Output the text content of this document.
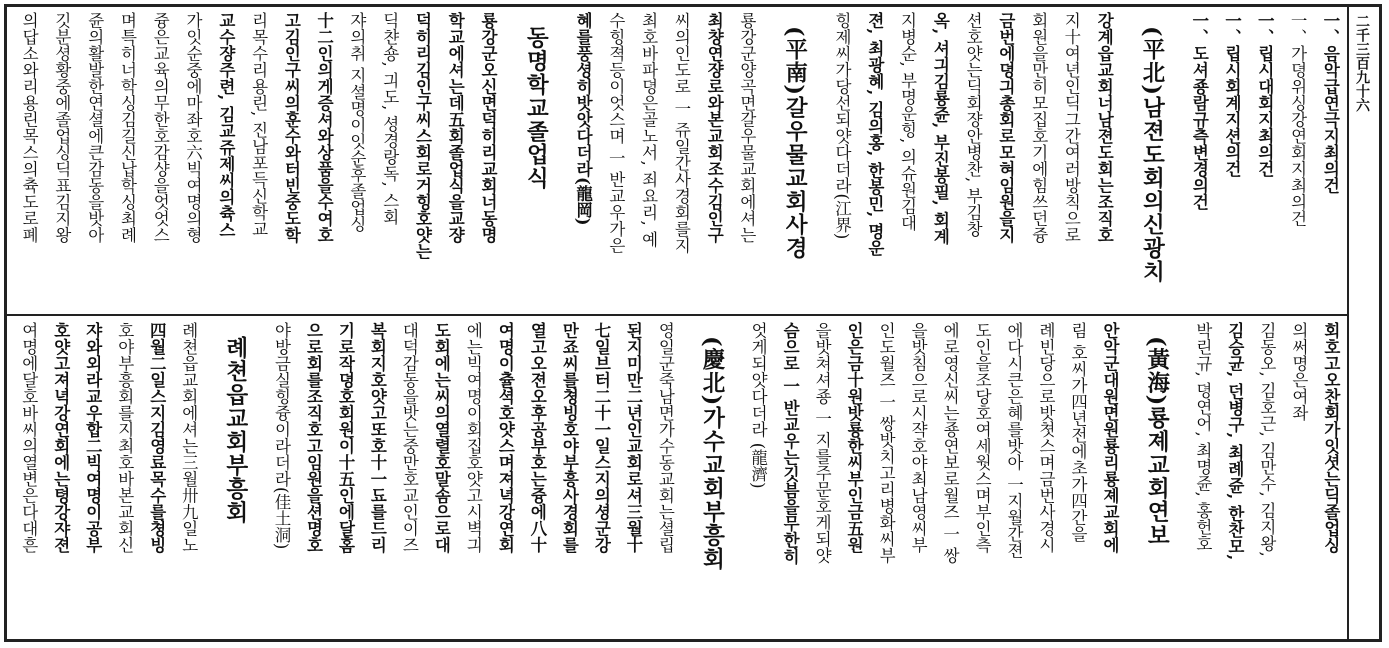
二千三百九十六
一、음악급연극지최의건
一、가뎡위싱강연회지최의건
一、립시대회지최의건
一、립시회계지션의건
一、도셔죵람규측변경의건
(平北)남젼도회의신광치
강계읍교회너남젼도회는조직호
지十여년인딕그간여러방칙으로
회원을만히모집호기에힘쓰던즁
금번에뎡긔총회로모혀임원을지
션호얏는딕회쟝안병찬, 부김창
옥, 셔긔김룡쥰, 부진봉필, 회계
지병순, 부명운힝, 의슈원김대
젼, 최광혜, 김의홍, 한봉민, 명운
힝제씨가당선되얏다더라(江界)
(平南)갈우물교회사경
룡강군양곡면갈우물교회에셔는
최챵연쟝로와본교회조수김인구
씨의인도로 一 쥬일간사경회를지
최호바파뎡은골노서, 죄요리, 예
수힝젹등이엇스며 一 반교우가은
혜를풍셩히밧앗다더라(龍岡)
동명학교졸업식
룡강군오신면덕히리교회너동명
학교에셔는데五회졸업식을교쟝
덕히리김인구씨스회로거힝호얏는
딕챤숑, 긔도, 셩경랑독, 스회
쟈의취 지셜명이잇순후졸업싱
十二인의게증셔와상품을수여호
고김인구씨의훈수와터빈중도학
리목수리용린, 진남포득신학교
교수쟝주련, 김교쥬제씨의츅스
가잇순중에마좌호六빅여명의형
즁은교육의무한호감샹을엇엇스
며특히너학싱김길신납학싱최례
쥰의활발한연셜에큰감동을밧아
깃분셩황중에졸업싱딕표김지왕
의답소와리용린목스의츅도로폐
회호고오찬회가잇셧는딕졸업싱
의써명은여좌
김동오, 김호근, 김만수, 김지왕,
김승균, 던병구, 최례쥰, 한찬모,
박린규, 뎡연어, 최명쥰, 홍헌호
(黃海)룡졔교회연보
안악군대원면원룡리룡졔교회에
림 호씨가四년전에초가四간을
례빈당으로밧쳣스며금번사경시
에다시큰은혜를밧아 一지월간젼
도인을조당호여세웟스며부인측
에로영신씨는죵연보로월즈 一 쌍
을밧침으로시쟉호야최남영씨부
인도월즈 一 쌍밧치고리병화씨부
인은금十원밧룡한씨부인금五원
을밧쳐셔죵 一 지를주문호게되얏
슴으로 一 반교우는깃븜을무한히
엇게되얏다더라 (龍濟)
(慶北)가수교회부흥회
영일군죽남면가수동교회는셜립
된지미만二년인교회로셔三월十
七일브터二十一일스지의셩군강
만죠씨를쳥빙호야부흥사경회를
열고오젼오후공부호는즁에八十
여명이츌셕호얏스며져녁강연회
에는빅여명이회집호얏고시벽긔
도회에는씨의열렬호말솜으로대
대덕감동을밧는중만호교인이즈
복회지호얏고또호十一됴를드리
기로작뎡호회원이十五인에달홈
으로회를조직호고임원을션명호
야방금실힝즁이라더라(佳土洞)
례쳔읍교회부흥회
례쳔읍교회에셔는三월卅九일노
四월二일스지김영료목수를쳥빙
호야부흥회를지최호바본교회신
쟈와외라교우합二빅여명이공부
호얏고져녁강연회에는텽강쟈젼
여명에달호바씨의열변은다대흔
